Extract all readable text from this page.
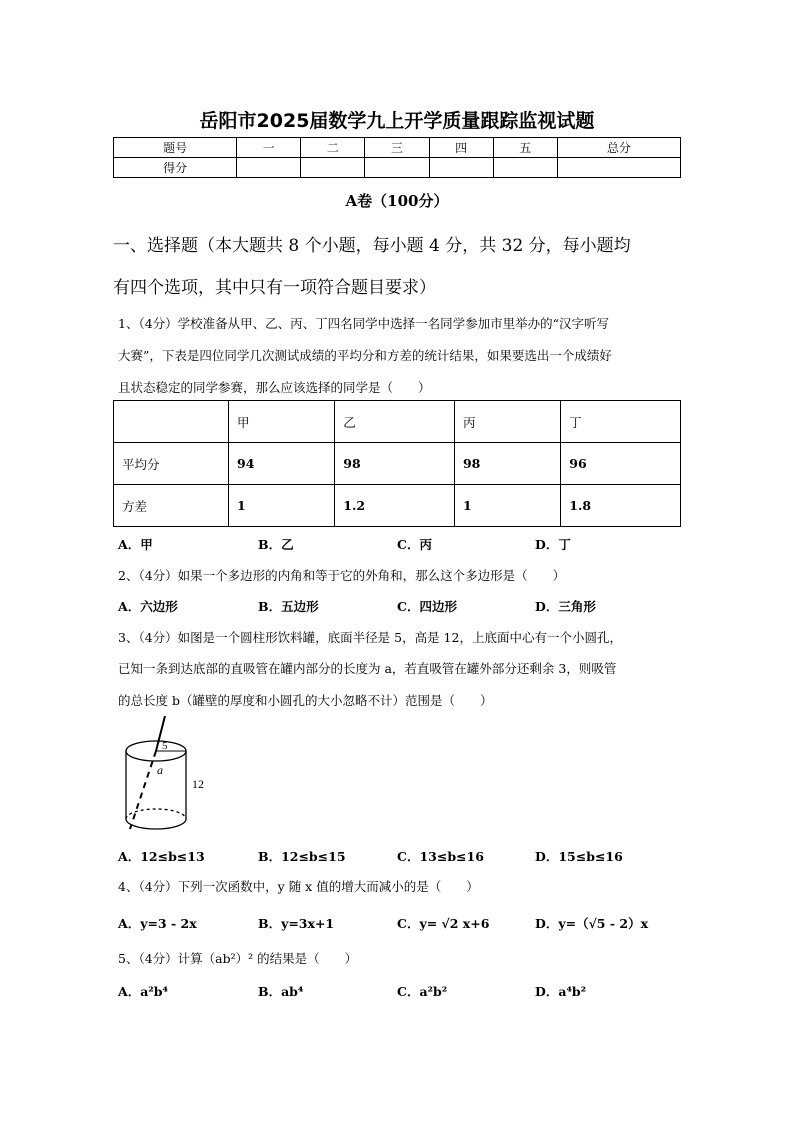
岳阳市2025届数学九上开学质量跟踪监视试题
题号	一	二	三	四	五	总分
得分						
A卷（100分）
一、选择题（本大题共 8 个小题，每小题 4 分，共 32 分，每小题均
有四个选项，其中只有一项符合题目要求）
1、（4分）学校准备从甲、乙、丙、丁四名同学中选择一名同学参加市里举办的“汉字听写
大赛”，下表是四位同学几次测试成绩的平均分和方差的统计结果，如果要选出一个成绩好
且状态稳定的同学参赛，那么应该选择的同学是（　　）
	甲	乙	丙	丁
平均分	94	98	98	96
方差	1	1.2	1	1.8
A．甲	B．乙	C．丙	D．丁
2、（4分）如果一个多边形的内角和等于它的外角和，那么这个多边形是（　　）
A．六边形	B．五边形	C．四边形	D．三角形
3、（4分）如图是一个圆柱形饮料罐，底面半径是 5，高是 12，上底面中心有一个小圆孔，
已知一条到达底部的直吸管在罐内部分的长度为 a，若直吸管在罐外部分还剩余 3，则吸管
的总长度 b（罐壁的厚度和小圆孔的大小忽略不计）范围是（　　）
5
a
12
A．12≤b≤13	B．12≤b≤15	C．13≤b≤16	D．15≤b≤16
4、（4分）下列一次函数中，y 随 x 值的增大而减小的是（　　）
A．y=3 - 2x	B．y=3x+1	C．y= √2 x+6	D．y=（√5 - 2）x
5、（4分）计算（ab²）² 的结果是（　　）
A．a²b⁴	B．ab⁴	C．a²b²	D．a⁴b²
